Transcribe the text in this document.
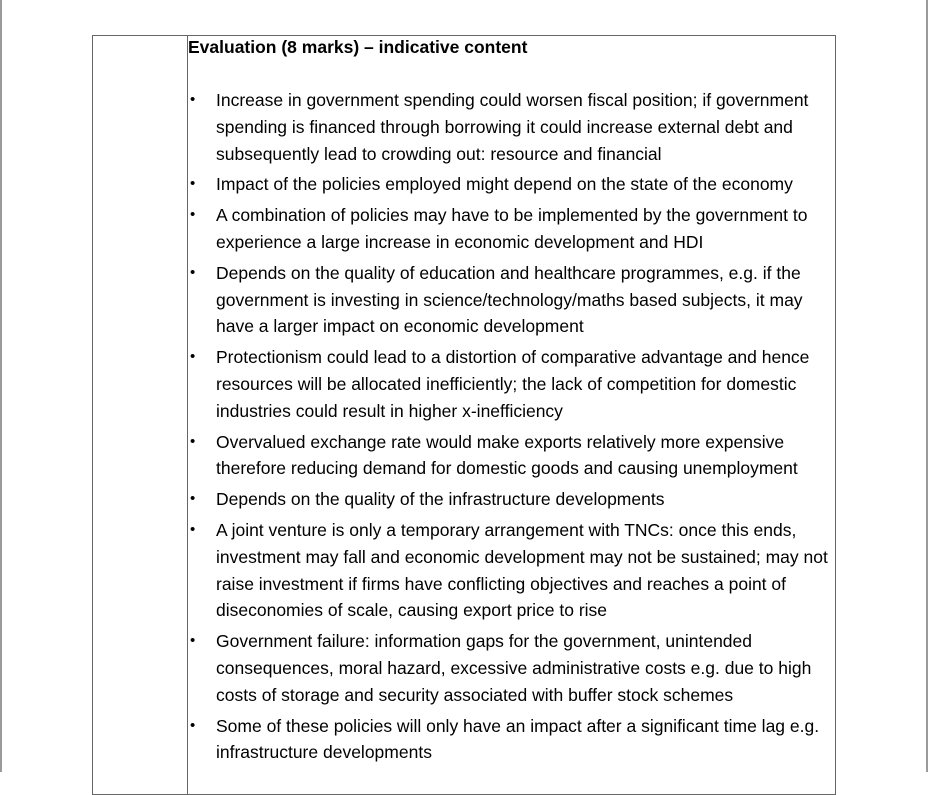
Evaluation (8 marks) – indicative content
• Increase in government spending could worsen fiscal position; if government spending is financed through borrowing it could increase external debt and subsequently lead to crowding out: resource and financial
• Impact of the policies employed might depend on the state of the economy
• A combination of policies may have to be implemented by the government to experience a large increase in economic development and HDI
• Depends on the quality of education and healthcare programmes, e.g. if the government is investing in science/technology/maths based subjects, it may have a larger impact on economic development
• Protectionism could lead to a distortion of comparative advantage and hence resources will be allocated inefficiently; the lack of competition for domestic industries could result in higher x-inefficiency
• Overvalued exchange rate would make exports relatively more expensive therefore reducing demand for domestic goods and causing unemployment
• Depends on the quality of the infrastructure developments
• A joint venture is only a temporary arrangement with TNCs: once this ends, investment may fall and economic development may not be sustained; may not raise investment if firms have conflicting objectives and reaches a point of diseconomies of scale, causing export price to rise
• Government failure: information gaps for the government, unintended consequences, moral hazard, excessive administrative costs e.g. due to high costs of storage and security associated with buffer stock schemes
• Some of these policies will only have an impact after a significant time lag e.g. infrastructure developments
